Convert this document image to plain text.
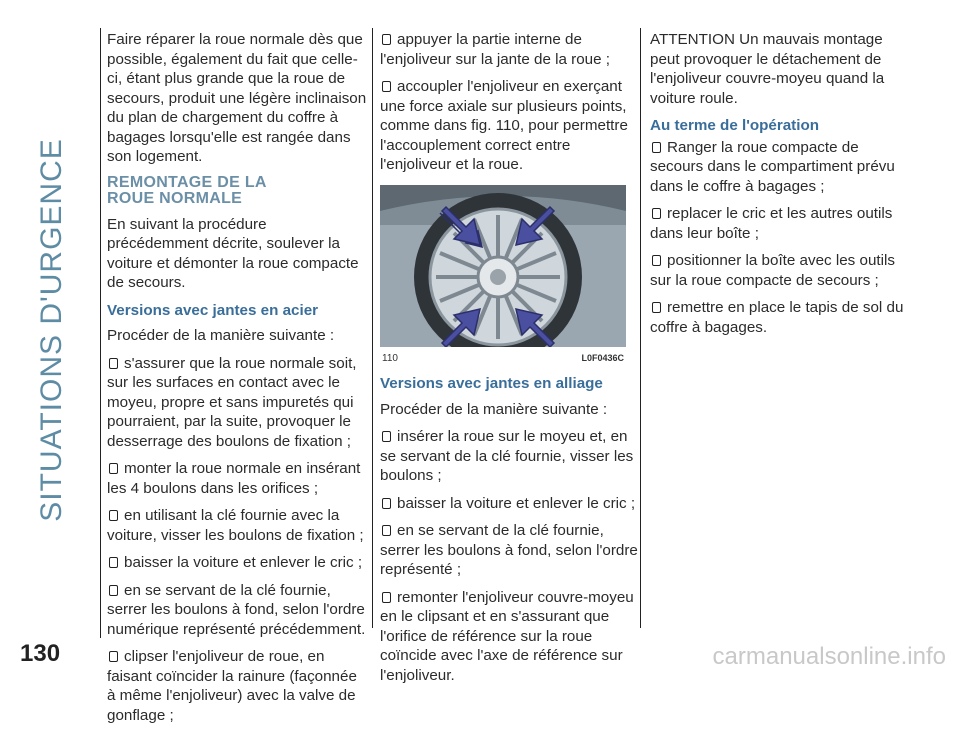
SITUATIONS D'URGENCE

Faire réparer la roue normale dès que possible, également du fait que celle-ci, étant plus grande que la roue de secours, produit une légère inclinaison du plan de chargement du coffre à bagages lorsqu'elle est rangée dans son logement.

REMONTAGE DE LA
ROUE NORMALE

En suivant la procédure précédemment décrite, soulever la voiture et démonter la roue compacte de secours.

Versions avec jantes en acier

Procéder de la manière suivante :

s'assurer que la roue normale soit, sur les surfaces en contact avec le moyeu, propre et sans impuretés qui pourraient, par la suite, provoquer le desserrage des boulons de fixation ;

monter la roue normale en insérant les 4 boulons dans les orifices ;

en utilisant la clé fournie avec la voiture, visser les boulons de fixation ;

baisser la voiture et enlever le cric ;

en se servant de la clé fournie, serrer les boulons à fond, selon l'ordre numérique représenté précédemment.

clipser l'enjoliveur de roue, en faisant coïncider la rainure (façonnée à même l'enjoliveur) avec la valve de gonflage ;

appuyer la partie interne de l'enjoliveur sur la jante de la roue ;

accoupler l'enjoliveur en exerçant une force axiale sur plusieurs points, comme dans fig. 110, pour permettre l'accouplement correct entre l'enjoliveur et la roue.

110	L0F0436C
Versions avec jantes en alliage

Procéder de la manière suivante :

insérer la roue sur le moyeu et, en se servant de la clé fournie, visser les boulons ;

baisser la voiture et enlever le cric ;

en se servant de la clé fournie, serrer les boulons à fond, selon l'ordre représenté ;

remonter l'enjoliveur couvre-moyeu en le clipsant et en s'assurant que l'orifice de référence sur la roue coïncide avec l'axe de référence sur l'enjoliveur.

ATTENTION Un mauvais montage peut provoquer le détachement de l'enjoliveur couvre-moyeu quand la voiture roule.

Au terme de l'opération

Ranger la roue compacte de secours dans le compartiment prévu dans le coffre à bagages ;

replacer le cric et les autres outils dans leur boîte ;

positionner la boîte avec les outils sur la roue compacte de secours ;

remettre en place le tapis de sol du coffre à bagages.

130	carmanualsonline.info
